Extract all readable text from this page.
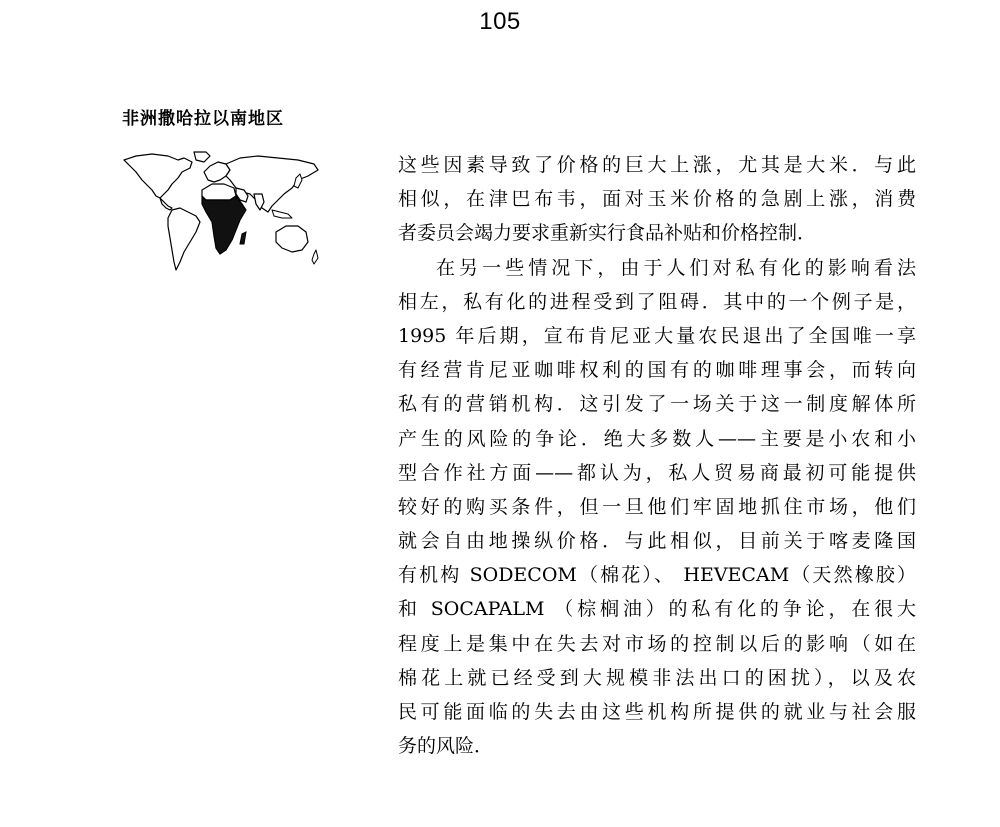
105
非洲撒哈拉以南地区
这些因素导致了价格的巨大上涨，尤其是大米．与此
相似，在津巴布韦，面对玉米价格的急剧上涨，消费
者委员会竭力要求重新实行食品补贴和价格控制．
在另一些情况下，由于人们对私有化的影响看法
相左，私有化的进程受到了阻碍．其中的一个例子是，
1995 年后期，宣布肯尼亚大量农民退出了全国唯一享
有经营肯尼亚咖啡权利的国有的咖啡理事会，而转向
私有的营销机构．这引发了一场关于这一制度解体所
产生的风险的争论．绝大多数人——主要是小农和小
型合作社方面——都认为，私人贸易商最初可能提供
较好的购买条件，但一旦他们牢固地抓住市场，他们
就会自由地操纵价格．与此相似，目前关于喀麦隆国
有机构 SODECOM（棉花）、 HEVECAM（天然橡胶）
和 SOCAPALM （棕榈油）的私有化的争论，在很大
程度上是集中在失去对市场的控制以后的影响（如在
棉花上就已经受到大规模非法出口的困扰），以及农
民可能面临的失去由这些机构所提供的就业与社会服
务的风险．
